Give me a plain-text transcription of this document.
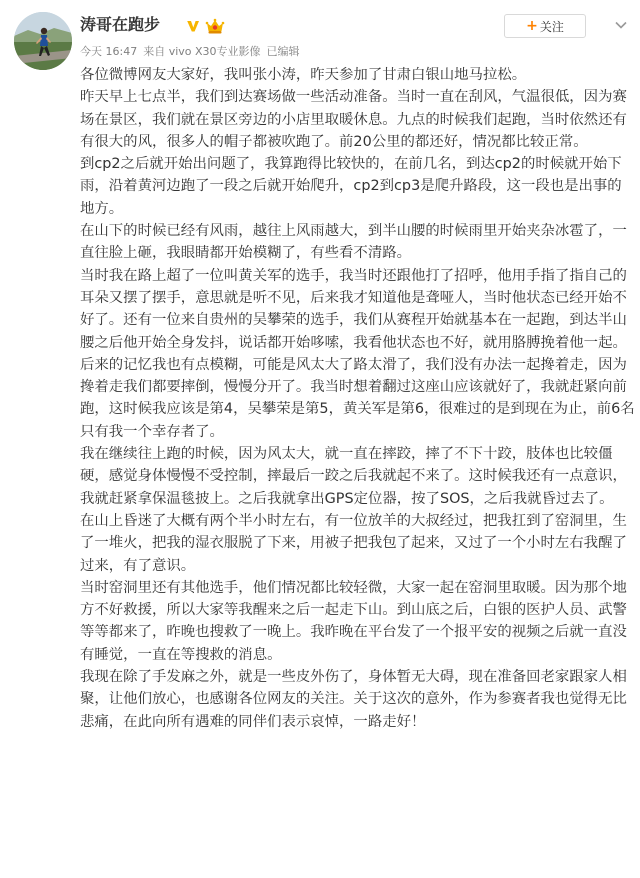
涛哥在跑步
今天 16:47 来自 vivo X30专业影像 已编辑
+ 关注

各位微博网友大家好，我叫张小涛，昨天参加了甘肃白银山地马拉松。

昨天早上七点半，我们到达赛场做一些活动准备。当时一直在刮风，气温很低，因为赛场在景区，我们就在景区旁边的小店里取暖休息。九点的时候我们起跑，当时依然还有有很大的风，很多人的帽子都被吹跑了。前20公里的都还好，情况都比较正常。

到cp2之后就开始出问题了，我算跑得比较快的，在前几名，到达cp2的时候就开始下雨，沿着黄河边跑了一段之后就开始爬升，cp2到cp3是爬升路段，这一段也是出事的地方。

在山下的时候已经有风雨，越往上风雨越大，到半山腰的时候雨里开始夹杂冰雹了，一直往脸上砸，我眼睛都开始模糊了，有些看不清路。

当时我在路上超了一位叫黄关军的选手，我当时还跟他打了招呼，他用手指了指自己的耳朵又摆了摆手，意思就是听不见，后来我才知道他是聋哑人，当时他状态已经开始不好了。还有一位来自贵州的吴攀荣的选手，我们从赛程开始就基本在一起跑，到达半山腰之后他开始全身发抖，说话都开始哆嗦，我看他状态也不好，就用胳膊挽着他一起。后来的记忆我也有点模糊，可能是风太大了路太滑了，我们没有办法一起搀着走，因为搀着走我们都要摔倒，慢慢分开了。我当时想着翻过这座山应该就好了，我就赶紧向前跑，这时候我应该是第4，吴攀荣是第5，黄关军是第6，很难过的是到现在为止，前6名只有我一个幸存者了。

我在继续往上跑的时候，因为风太大，就一直在摔跤，摔了不下十跤，肢体也比较僵硬，感觉身体慢慢不受控制，摔最后一跤之后我就起不来了。这时候我还有一点意识，我就赶紧拿保温毯披上。之后我就拿出GPS定位器，按了SOS，之后我就昏过去了。

在山上昏迷了大概有两个半小时左右，有一位放羊的大叔经过，把我扛到了窑洞里，生了一堆火，把我的湿衣服脱了下来，用被子把我包了起来，又过了一个小时左右我醒了过来，有了意识。

当时窑洞里还有其他选手，他们情况都比较轻微，大家一起在窑洞里取暖。因为那个地方不好救援，所以大家等我醒来之后一起走下山。到山底之后，白银的医护人员、武警等等都来了，昨晚也搜救了一晚上。我昨晚在平台发了一个报平安的视频之后就一直没有睡觉，一直在等搜救的消息。

我现在除了手发麻之外，就是一些皮外伤了，身体暂无大碍，现在准备回老家跟家人相聚，让他们放心，也感谢各位网友的关注。关于这次的意外，作为参赛者我也觉得无比悲痛，在此向所有遇难的同伴们表示哀悼，一路走好！
